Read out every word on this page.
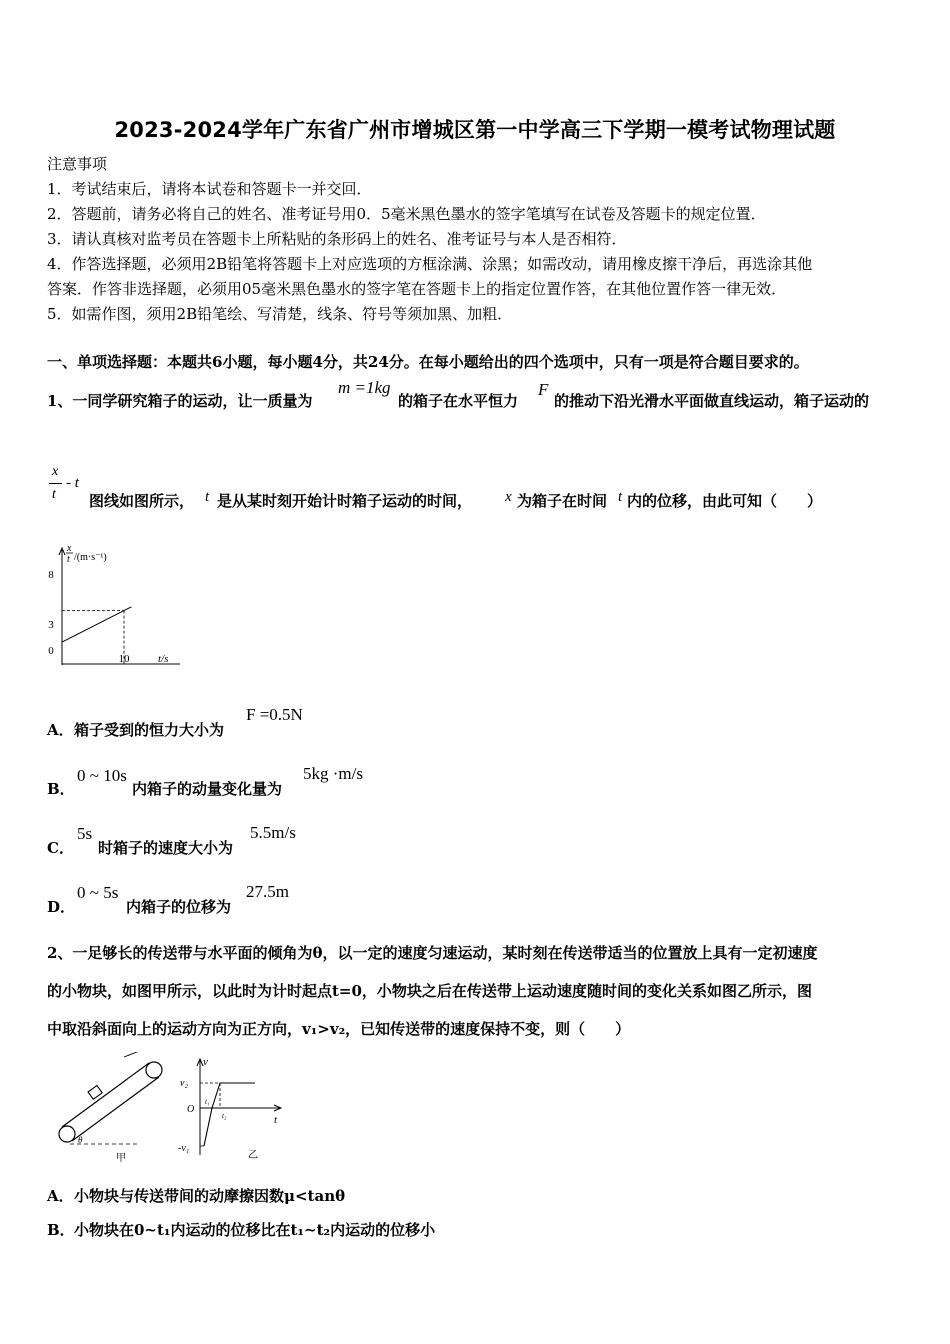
2023-2024学年广东省广州市增城区第一中学高三下学期一模考试物理试题
注意事项
1．考试结束后，请将本试卷和答题卡一并交回．
2．答题前，请务必将自己的姓名、准考证号用0．5毫米黑色墨水的签字笔填写在试卷及答题卡的规定位置．
3．请认真核对监考员在答题卡上所粘贴的条形码上的姓名、准考证号与本人是否相符．
4．作答选择题，必须用2B铅笔将答题卡上对应选项的方框涂满、涂黑；如需改动，请用橡皮擦干净后，再选涂其他
答案．作答非选择题，必须用05毫米黑色墨水的签字笔在答题卡上的指定位置作答，在其他位置作答一律无效．
5．如需作图，须用2B铅笔绘、写清楚，线条、符号等须加黑、加粗．
一、单项选择题：本题共6小题，每小题4分，共24分。在每小题给出的四个选项中，只有一项是符合题目要求的。
1、一同学研究箱子的运动，让一质量为
m =1kg
的箱子在水平恒力
F
的推动下沿光滑水平面做直线运动，箱子运动的
x
t
- t
图线如图所示， t 是从某时刻开始计时箱子运动的时间， x 为箱子在时间 t 内的位移，由此可知（　　）
x
t /(m·s⁻¹)
8
3
0
10	t/s
A． 箱子受到的恒力大小为
F =0.5N
B．
0 ~ 10s
内箱子的动量变化量为
5kg ·m/s
C．
5s
时箱子的速度大小为
5.5m/s
D．
0 ~ 5s
内箱子的位移为
27.5m
2、一足够长的传送带与水平面的倾角为θ，以一定的速度匀速运动，某时刻在传送带适当的位置放上具有一定初速度
的小物块，如图甲所示，以此时为计时起点t=0，小物块之后在传送带上运动速度随时间的变化关系如图乙所示，图
中取沿斜面向上的运动方向为正方向，v₁>v₂，已知传送带的速度保持不变，则（　　）
θ
甲
v
t
v₂
-v₁
O
t₁
t₂
乙
A． 小物块与传送带间的动摩擦因数μ<tanθ
B． 小物块在0~t₁内运动的位移比在t₁~t₂内运动的位移小
